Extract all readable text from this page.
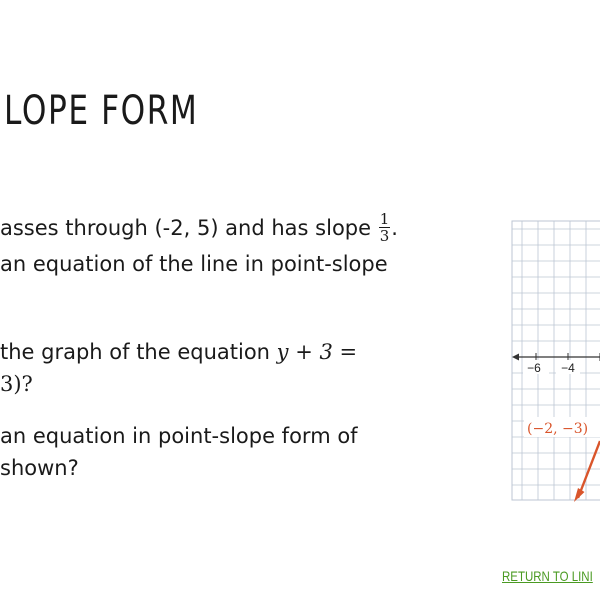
LOPE FORM
asses through (-2, 5) and has slope $\frac{1}{3}$ .
an equation of the line in point-slope
the graph of the equation y + 3 =
3)?
an equation in point-slope form of
shown?
−6 −4
(−2, −3)
RETURN TO LINI
